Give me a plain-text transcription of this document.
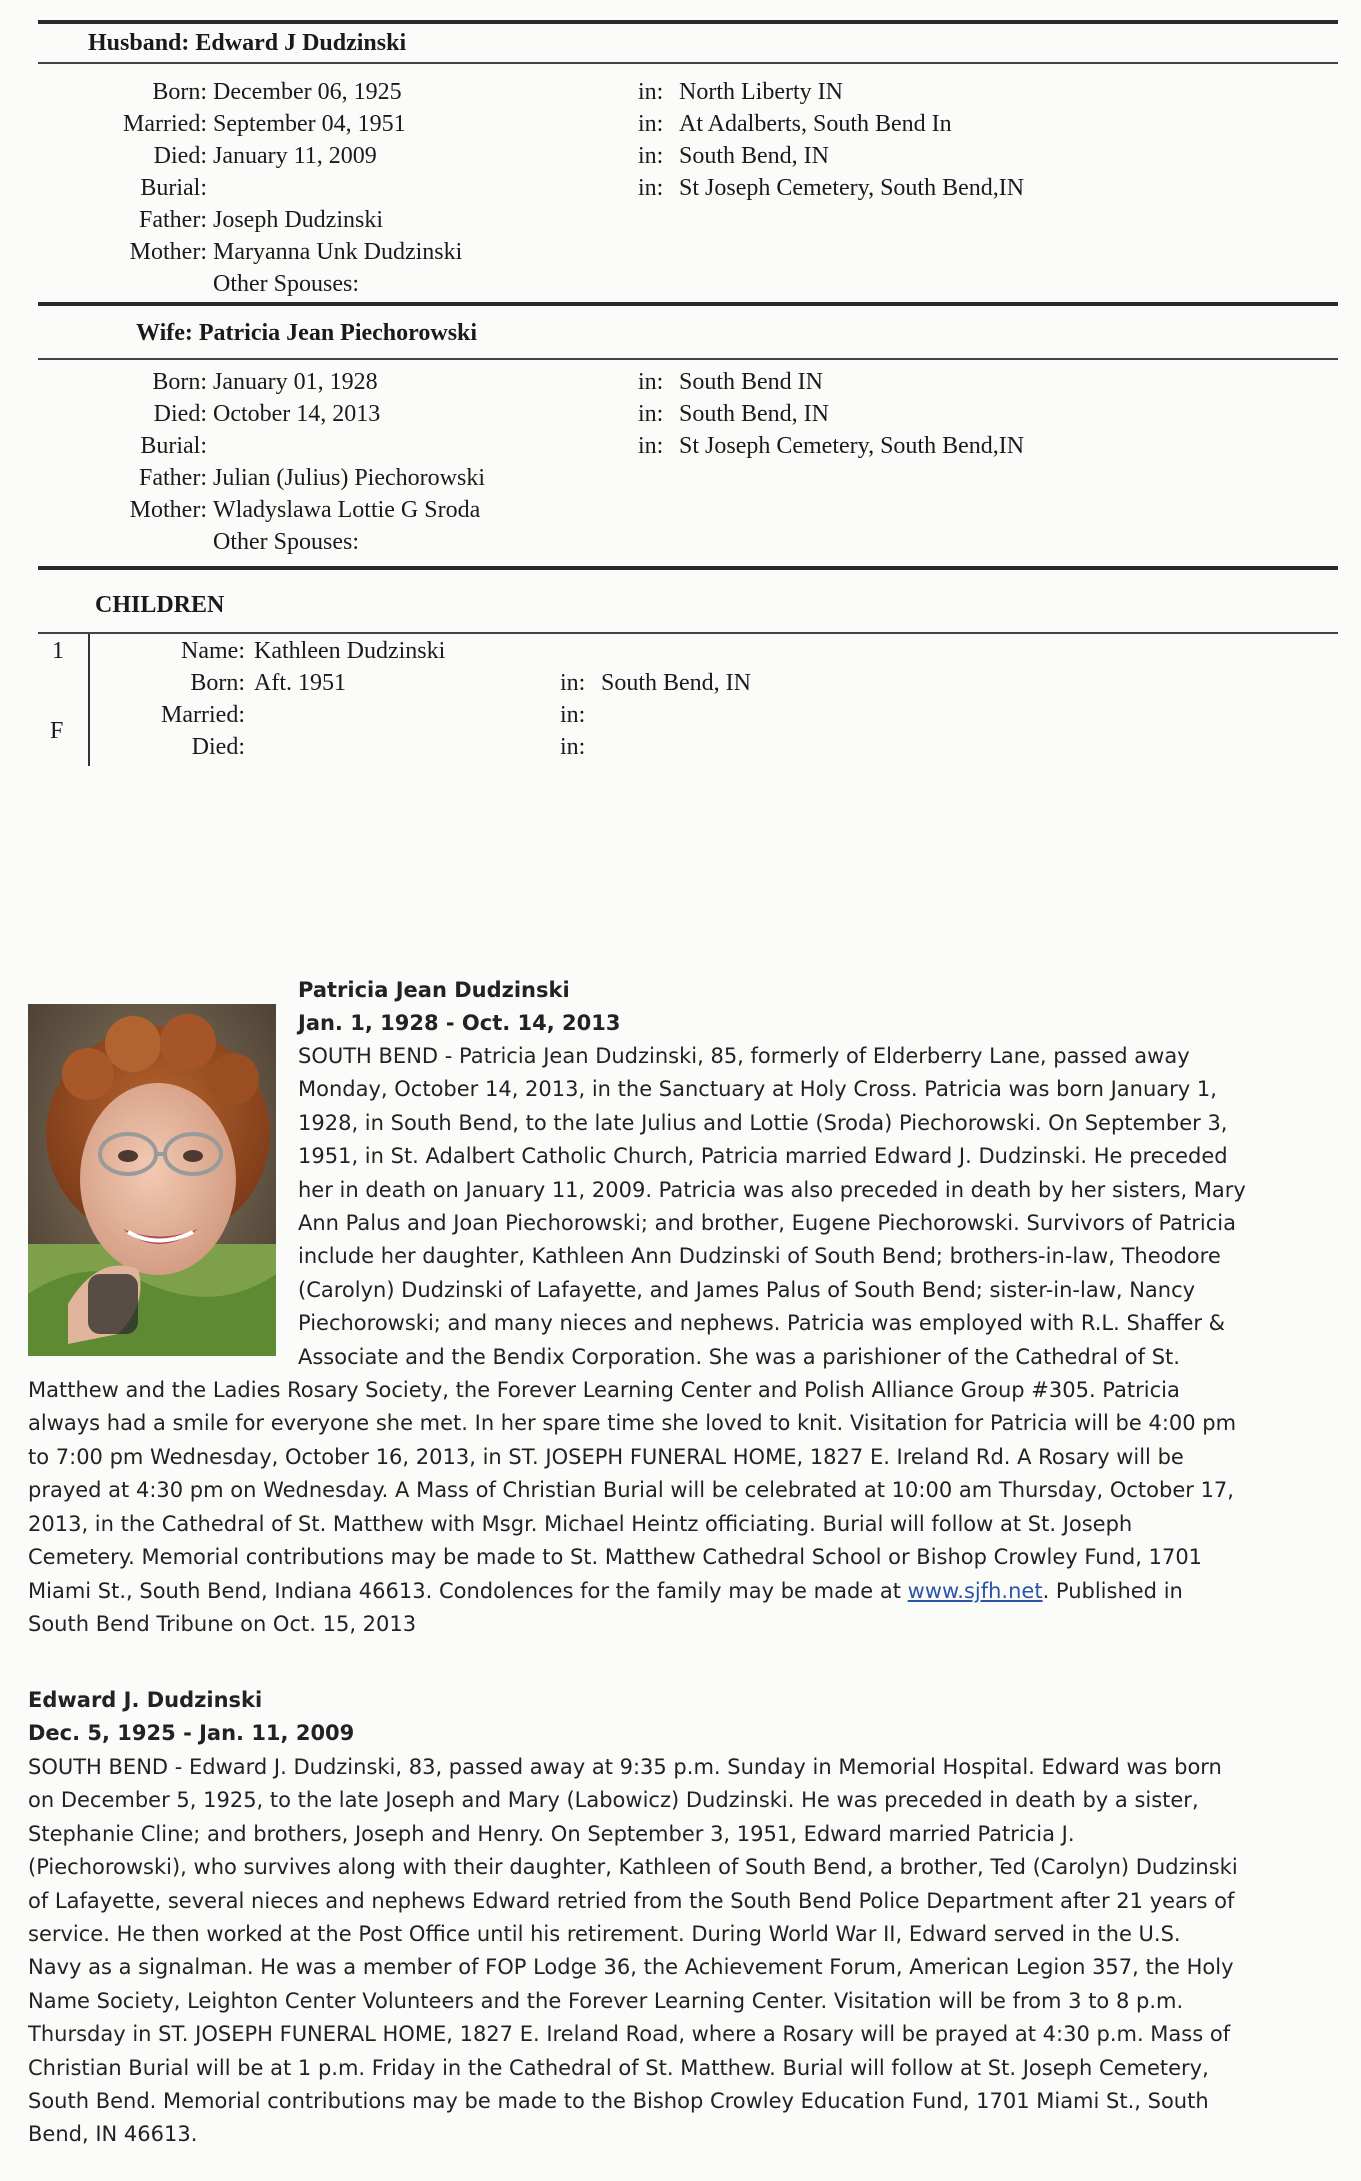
Husband: Edward J Dudzinski
Born: December 06, 1925	in: North Liberty IN
Married: September 04, 1951	in: At Adalberts, South Bend In
Died: January 11, 2009	in: South Bend, IN
Burial:	in: St Joseph Cemetery, South Bend,IN
Father: Joseph Dudzinski
Mother: Maryanna Unk Dudzinski
Other Spouses:
Wife: Patricia Jean Piechorowski
Born: January 01, 1928	in: South Bend IN
Died: October 14, 2013	in: South Bend, IN
Burial:	in: St Joseph Cemetery, South Bend,IN
Father: Julian (Julius) Piechorowski
Mother: Wladyslawa Lottie G Sroda
Other Spouses:
CHILDREN
1
F
Name: Kathleen Dudzinski
Born: Aft. 1951	in: South Bend, IN
Married:	in:
Died:	in:
Patricia Jean Dudzinski
Jan. 1, 1928 - Oct. 14, 2013
SOUTH BEND - Patricia Jean Dudzinski, 85, formerly of Elderberry Lane, passed away
Monday, October 14, 2013, in the Sanctuary at Holy Cross. Patricia was born January 1,
1928, in South Bend, to the late Julius and Lottie (Sroda) Piechorowski. On September 3,
1951, in St. Adalbert Catholic Church, Patricia married Edward J. Dudzinski. He preceded
her in death on January 11, 2009. Patricia was also preceded in death by her sisters, Mary
Ann Palus and Joan Piechorowski; and brother, Eugene Piechorowski. Survivors of Patricia
include her daughter, Kathleen Ann Dudzinski of South Bend; brothers-in-law, Theodore
(Carolyn) Dudzinski of Lafayette, and James Palus of South Bend; sister-in-law, Nancy
Piechorowski; and many nieces and nephews. Patricia was employed with R.L. Shaffer &
Associate and the Bendix Corporation. She was a parishioner of the Cathedral of St.
Matthew and the Ladies Rosary Society, the Forever Learning Center and Polish Alliance Group #305. Patricia
always had a smile for everyone she met. In her spare time she loved to knit. Visitation for Patricia will be 4:00 pm
to 7:00 pm Wednesday, October 16, 2013, in ST. JOSEPH FUNERAL HOME, 1827 E. Ireland Rd. A Rosary will be
prayed at 4:30 pm on Wednesday. A Mass of Christian Burial will be celebrated at 10:00 am Thursday, October 17,
2013, in the Cathedral of St. Matthew with Msgr. Michael Heintz officiating. Burial will follow at St. Joseph
Cemetery. Memorial contributions may be made to St. Matthew Cathedral School or Bishop Crowley Fund, 1701
Miami St., South Bend, Indiana 46613. Condolences for the family may be made at www.sjfh.net. Published in
South Bend Tribune on Oct. 15, 2013
Edward J. Dudzinski
Dec. 5, 1925 - Jan. 11, 2009
SOUTH BEND - Edward J. Dudzinski, 83, passed away at 9:35 p.m. Sunday in Memorial Hospital. Edward was born
on December 5, 1925, to the late Joseph and Mary (Labowicz) Dudzinski. He was preceded in death by a sister,
Stephanie Cline; and brothers, Joseph and Henry. On September 3, 1951, Edward married Patricia J.
(Piechorowski), who survives along with their daughter, Kathleen of South Bend, a brother, Ted (Carolyn) Dudzinski
of Lafayette, several nieces and nephews Edward retried from the South Bend Police Department after 21 years of
service. He then worked at the Post Office until his retirement. During World War II, Edward served in the U.S.
Navy as a signalman. He was a member of FOP Lodge 36, the Achievement Forum, American Legion 357, the Holy
Name Society, Leighton Center Volunteers and the Forever Learning Center. Visitation will be from 3 to 8 p.m.
Thursday in ST. JOSEPH FUNERAL HOME, 1827 E. Ireland Road, where a Rosary will be prayed at 4:30 p.m. Mass of
Christian Burial will be at 1 p.m. Friday in the Cathedral of St. Matthew. Burial will follow at St. Joseph Cemetery,
South Bend. Memorial contributions may be made to the Bishop Crowley Education Fund, 1701 Miami St., South
Bend, IN 46613.
